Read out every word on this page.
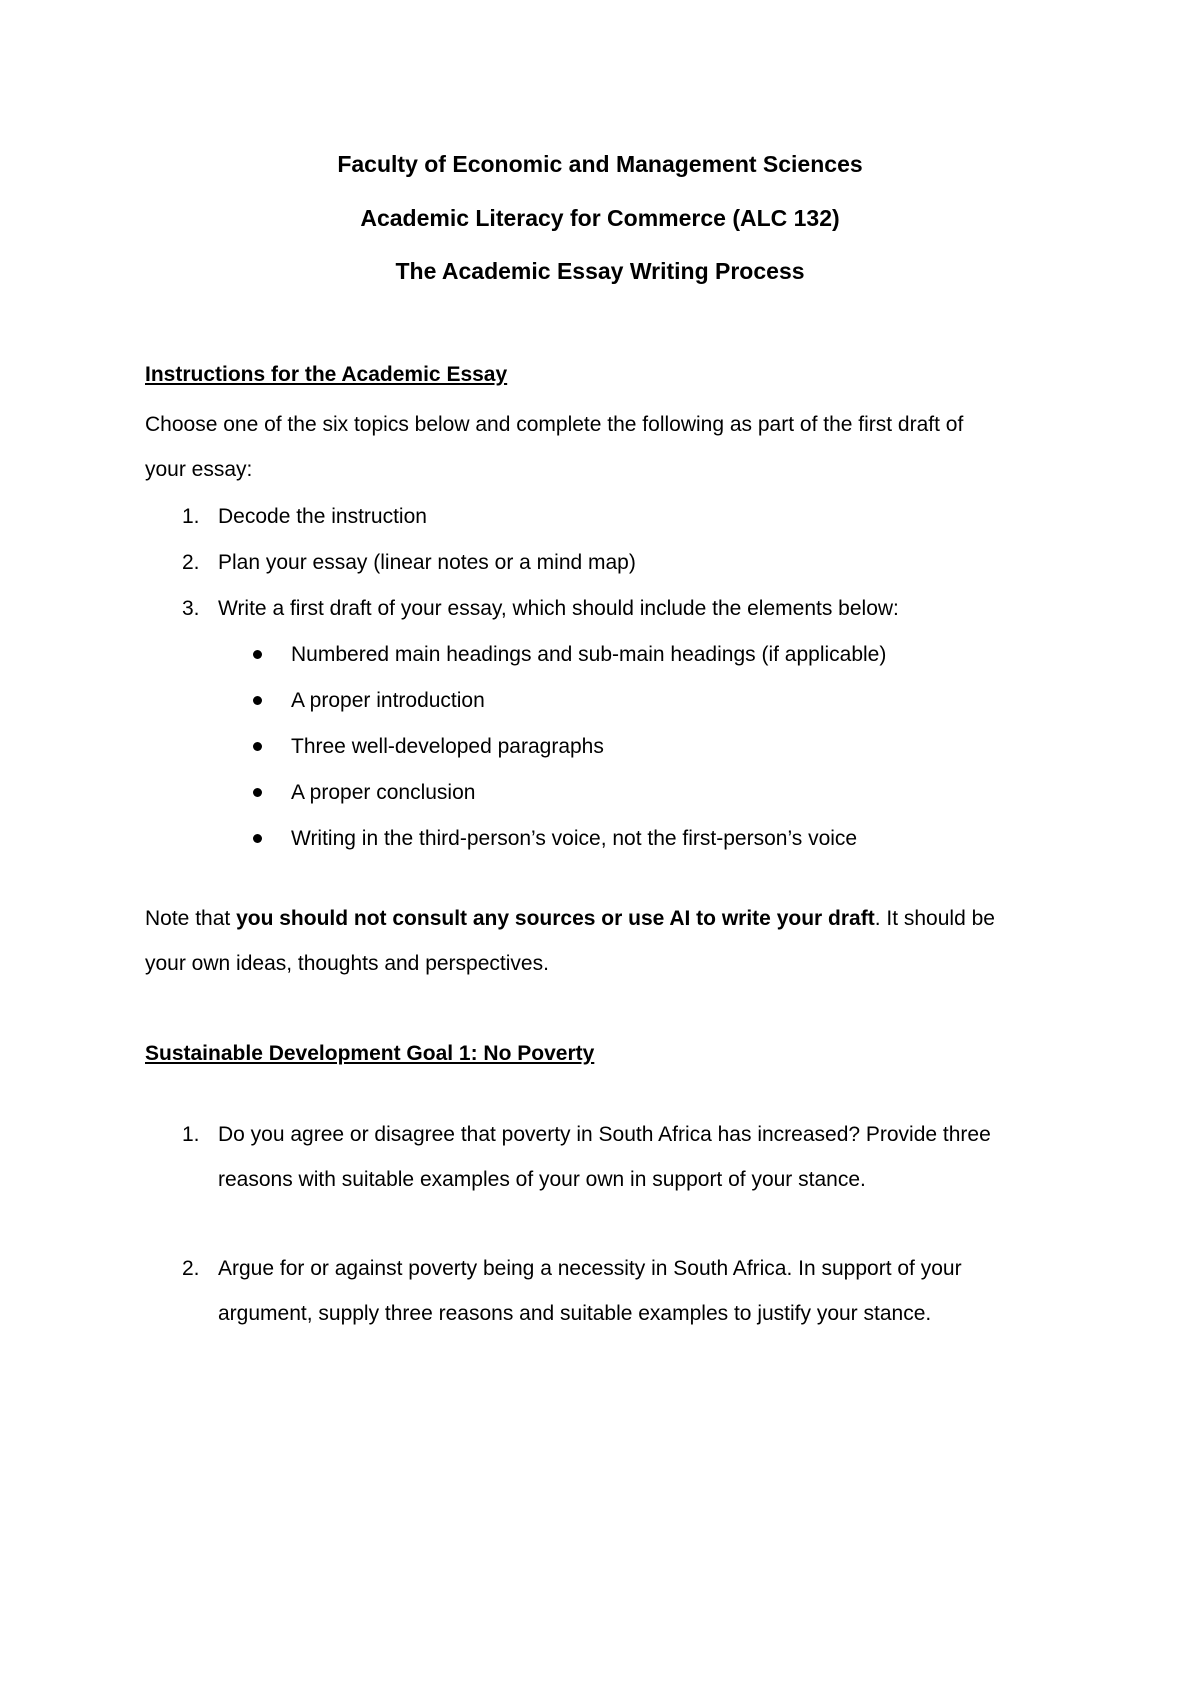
Faculty of Economic and Management Sciences

Academic Literacy for Commerce (ALC 132)

The Academic Essay Writing Process

Instructions for the Academic Essay

Choose one of the six topics below and complete the following as part of the first draft of
your essay:

1. Decode the instruction
2. Plan your essay (linear notes or a mind map)
3. Write a first draft of your essay, which should include the elements below:
Numbered main headings and sub-main headings (if applicable)
A proper introduction
Three well-developed paragraphs
A proper conclusion
Writing in the third-person’s voice, not the first-person’s voice

Note that you should not consult any sources or use AI to write your draft. It should be
your own ideas, thoughts and perspectives.

Sustainable Development Goal 1: No Poverty

1. Do you agree or disagree that poverty in South Africa has increased? Provide three
reasons with suitable examples of your own in support of your stance.
2. Argue for or against poverty being a necessity in South Africa. In support of your
argument, supply three reasons and suitable examples to justify your stance.
